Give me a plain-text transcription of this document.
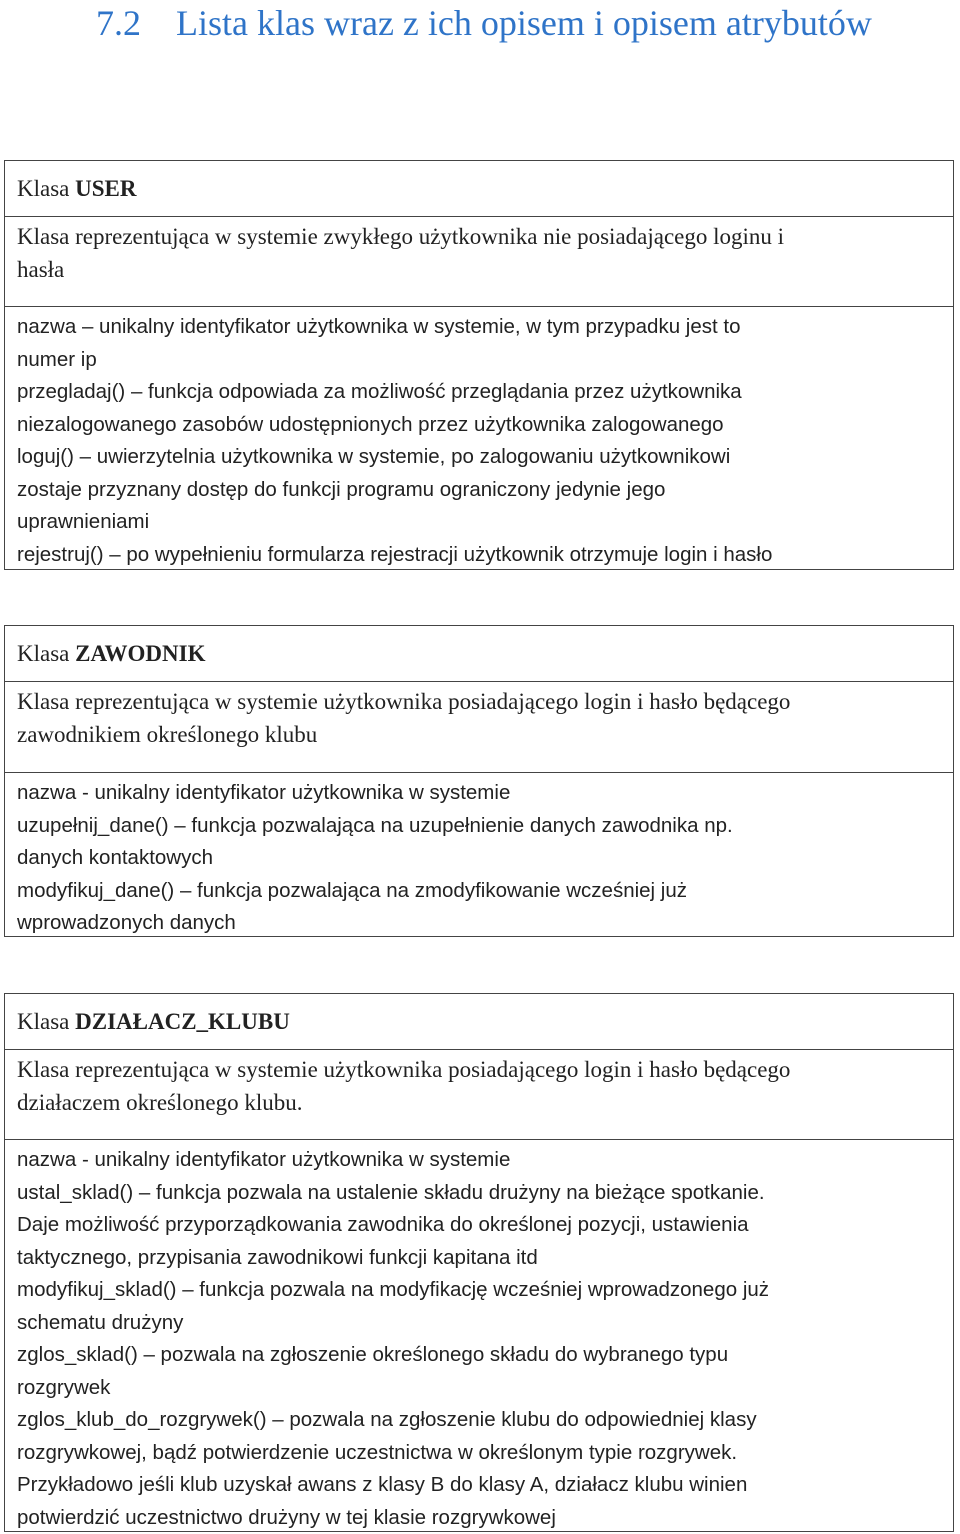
7.2 Lista klas wraz z ich opisem i opisem atrybutów
Klasa USER
Klasa reprezentująca w systemie zwykłego użytkownika nie posiadającego loginu i
hasła
nazwa – unikalny identyfikator użytkownika w systemie, w tym przypadku jest to
numer ip
przegladaj() – funkcja odpowiada za możliwość przeglądania przez użytkownika
niezalogowanego zasobów udostępnionych przez użytkownika zalogowanego
loguj() – uwierzytelnia użytkownika w systemie, po zalogowaniu użytkownikowi
zostaje przyznany dostęp do funkcji programu ograniczony jedynie jego
uprawnieniami
rejestruj() – po wypełnieniu formularza rejestracji użytkownik otrzymuje login i hasło
Klasa ZAWODNIK
Klasa reprezentująca w systemie użytkownika posiadającego login i hasło będącego
zawodnikiem określonego klubu
nazwa - unikalny identyfikator użytkownika w systemie
uzupełnij_dane() – funkcja pozwalająca na uzupełnienie danych zawodnika np.
danych kontaktowych
modyfikuj_dane() – funkcja pozwalająca na zmodyfikowanie wcześniej już
wprowadzonych danych
Klasa DZIAŁACZ_KLUBU
Klasa reprezentująca w systemie użytkownika posiadającego login i hasło będącego
działaczem określonego klubu.
nazwa - unikalny identyfikator użytkownika w systemie
ustal_sklad() – funkcja pozwala na ustalenie składu drużyny na bieżące spotkanie.
Daje możliwość przyporządkowania zawodnika do określonej pozycji, ustawienia
taktycznego, przypisania zawodnikowi funkcji kapitana itd
modyfikuj_sklad() – funkcja pozwala na modyfikację wcześniej wprowadzonego już
schematu drużyny
zglos_sklad() – pozwala na zgłoszenie określonego składu do wybranego typu
rozgrywek
zglos_klub_do_rozgrywek() – pozwala na zgłoszenie klubu do odpowiedniej klasy
rozgrywkowej, bądź potwierdzenie uczestnictwa w określonym typie rozgrywek.
Przykładowo jeśli klub uzyskał awans z klasy B do klasy A, działacz klubu winien
potwierdzić uczestnictwo drużyny w tej klasie rozgrywkowej
